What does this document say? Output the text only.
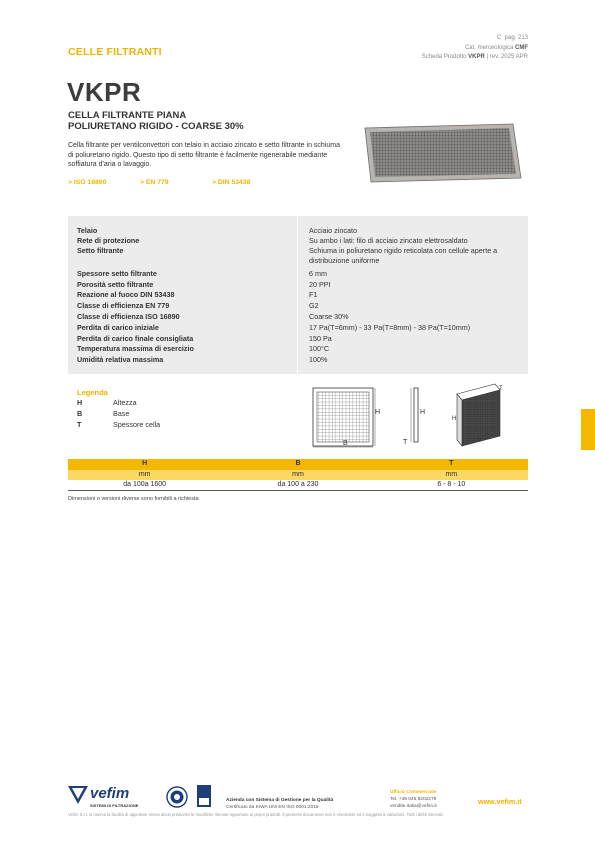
C pag. 213
Cat. merceologica CMF
Scheda Prodotto VKPR | rev. 2025 APR
CELLE FILTRANTI
VKPR
CELLA FILTRANTE PIANA
POLIURETANO RIGIDO - COARSE 30%
Cella filtrante per ventilconvettori con telaio in acciaio zincato e setto filtrante in schiuma di poliuretano rigido. Questo tipo di setto filtrante è facilmente rigenerabile mediante soffiatura d'aria o lavaggio.
> ISO 16890	> EN 779	> DIN 53438
Telaio	Acciaio zincato
Rete di protezione	Su ambo i lati: filo di acciaio zincato elettrosaldato
Setto filtrante	Schiuma in poliuretano rigido reticolata con cellule aperte a distribuzione uniforme
Spessore setto filtrante	6 mm
Porosità setto filtrante	20 PPI
Reazione al fuoco DIN 53438	F1
Classe di efficienza EN 779	G2
Classe di efficienza ISO 16890	Coarse 30%
Perdita di carico iniziale	17 Pa(T=6mm) - 33 Pa(T=8mm) - 38 Pa(T=10mm)
Perdita di carico finale consigliata	150 Pa
Temperatura massima di esercizio	100°C
Umidità relativa massima	100%
Legenda
H	Altezza
B	Base
T	Spessore cella
H
B
H
T
H
B
T
H	B	T
mm	mm	mm
da 100a 1600	da 100 a 230	6 - 8 - 10
Dimensioni o versioni diverse sono fornibili a richiesta
vefim
SISTEMI DI FILTRAZIONE
Azienda con Sistema di Gestione per la Qualità
Certificato da KIWA UNI EN ISO 9001:2015
Ufficio Commerciale
Tel. +39 045 8202279
vendite.italia@vefim.it
www.vefim.it
Vefim S.r.l. si riserva la facoltà di apportare senza alcun preavviso le modifiche ritenute opportune ai propri prodotti. Il presente documento non è vincolante ed è soggetto a variazioni. Tutti i diritti riservati.
